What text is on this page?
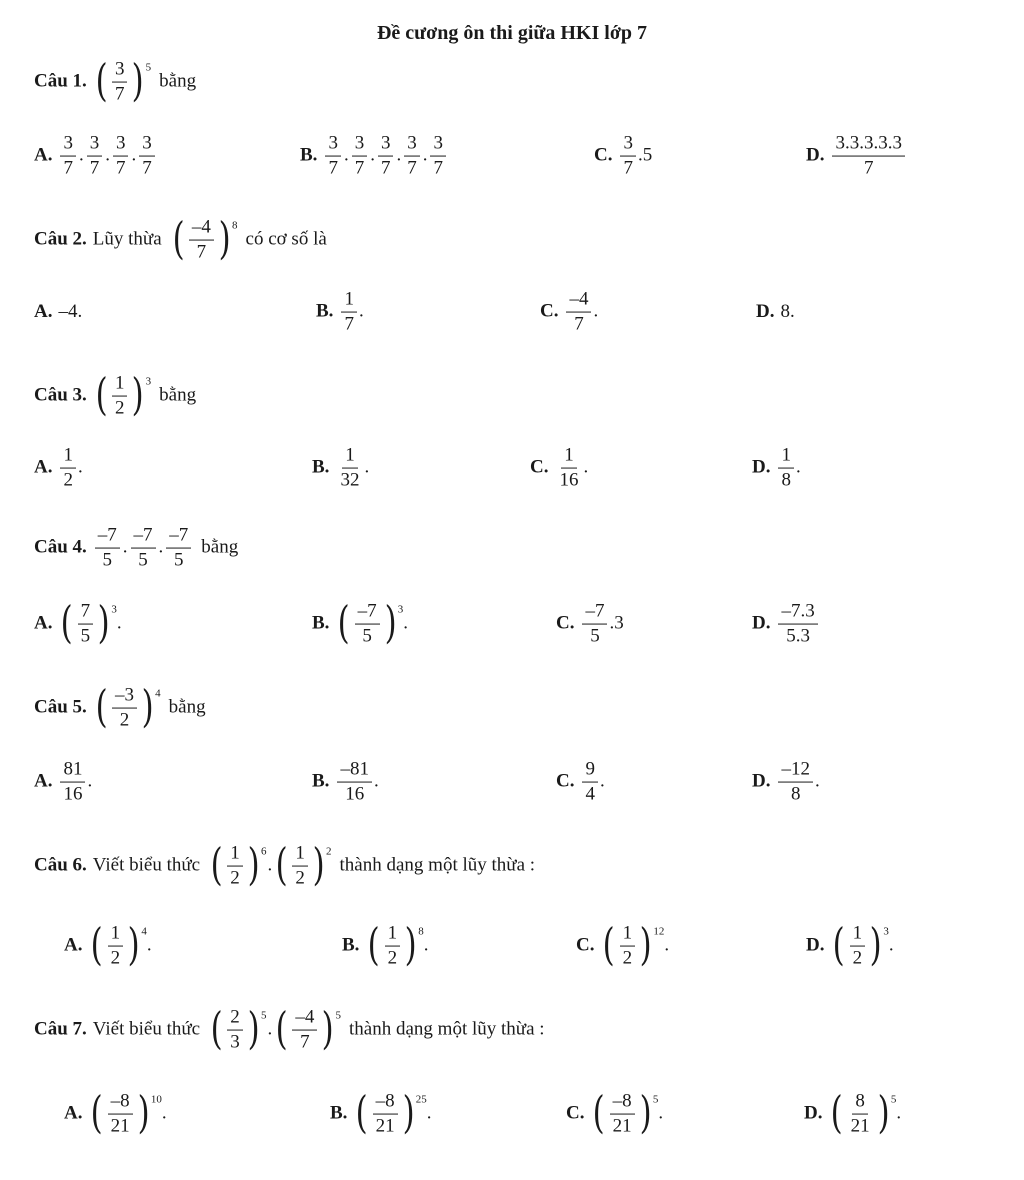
Đề cương ôn thi giữa HKI lớp 7
Câu 1. ( $\frac{3}{7} )^5$
bằng
A. $\frac{3}{7}$ . $\frac{3}{7}$ . $\frac{3}{7}$ . $\frac{3}{7}$	B. $\frac{3}{7}$ . $\frac{3}{7}$ . $\frac{3}{7}$ . $\frac{3}{7}$ . $\frac{3}{7}$	C. $\frac{3}{7} .5$	D. $\frac{3.3.3.3.3}{7}$
Câu 2. Lũy thừa ( $\frac{-4}{7} )^8$
có cơ số là
A. –4.	B. $\frac{1}{7}$ .	C. $\frac{-4}{7}$ .	D. 8.
Câu 3. ( $\frac{1}{2} )^3$
bằng
A. $\frac{1}{2}$ .	B. $\frac{1}{32}$ .	C. $\frac{1}{16}$ .	D. $\frac{1}{8}$ .
Câu 4. $\frac{-7}{5}$ . $\frac{-7}{5}$ . $\frac{-7}{5}$ bằng
A. ( $\frac{7}{5} )^3$
.	B. ( $\frac{-7}{5} )^3$
.	C. $\frac{-7}{5} .3$	D. $\frac{-7.3}{5.3}$
Câu 5. ( $\frac{-3}{2} )^4$
bằng
A. $\frac{81}{16}$ .	B. $\frac{-81}{16}$ .	C. $\frac{9}{4}$ .	D. $\frac{-12}{8}$ .
Câu 6. Viết biểu thức ( $\frac{1}{2} )^6$
. ( $\frac{1}{2} )^2$
thành dạng một lũy thừa :
A. ( $\frac{1}{2} )^4$
.	B. ( $\frac{1}{2} )^8$
.	C. ( $\frac{1}{2} )^{12}$
.	D. ( $\frac{1}{2} )^3$
.
Câu 7. Viết biểu thức ( $\frac{2}{3} )^5$
. ( $\frac{-4}{7} )^5$
thành dạng một lũy thừa :
A. ( $\frac{-8}{21} )^{10}$
.	B. ( $\frac{-8}{21} )^{25}$
.	C. ( $\frac{-8}{21} )^5$
.	D. ( $\frac{8}{21} )^5$
.
